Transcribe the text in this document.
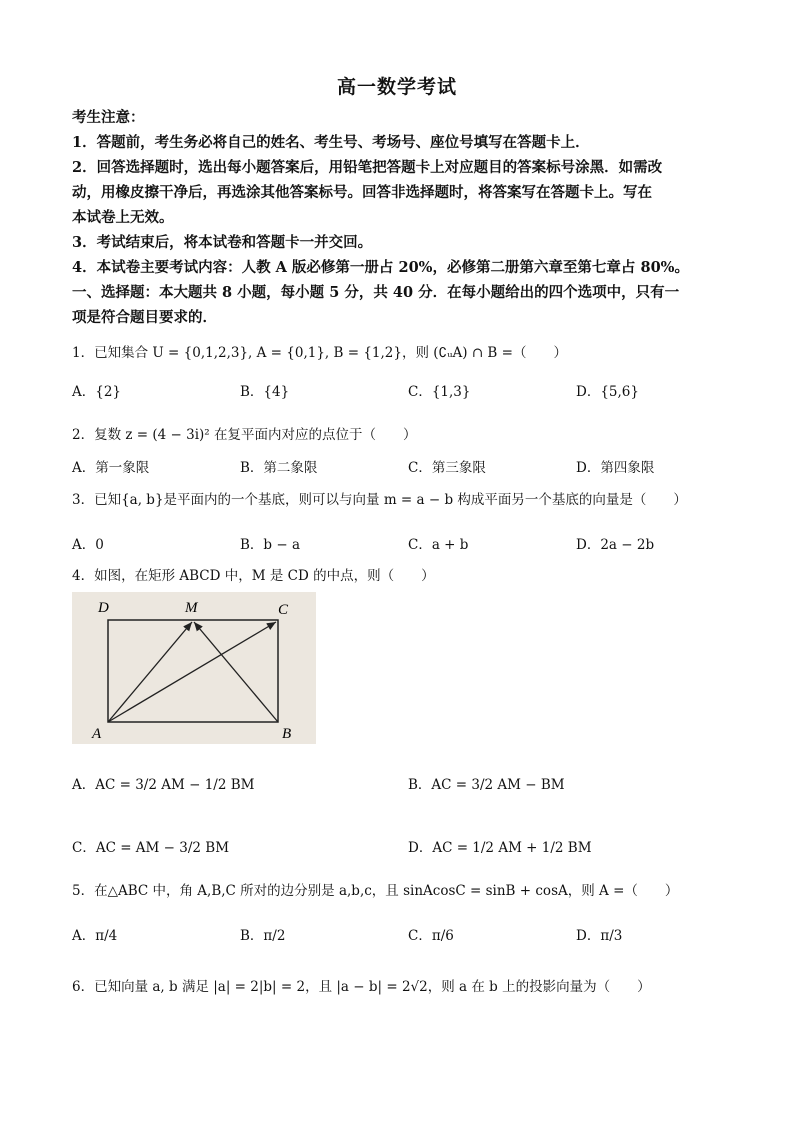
高一数学考试
考生注意：
1．答题前，考生务必将自己的姓名、考生号、考场号、座位号填写在答题卡上．
2．回答选择题时，选出每小题答案后，用铅笔把答题卡上对应题目的答案标号涂黑．如需改
动，用橡皮擦干净后，再选涂其他答案标号。回答非选择题时，将答案写在答题卡上。写在
本试卷上无效。
3．考试结束后，将本试卷和答题卡一并交回。
4．本试卷主要考试内容：人教 A 版必修第一册占 20%，必修第二册第六章至第七章占 80%。
一、选择题：本大题共 8 小题，每小题 5 分，共 40 分．在每小题给出的四个选项中，只有一
项是符合题目要求的．
1．已知集合 U = {0,1,2,3}, A = {0,1}, B = {1,2}，则 (∁ᵤA) ∩ B =（　　）
A．{2}	B．{4}	C．{1,3}	D．{5,6}
2．复数 z = (4 − 3i)² 在复平面内对应的点位于（　　）
A．第一象限	B．第二象限	C．第三象限	D．第四象限
3．已知{a, b}是平面内的一个基底，则可以与向量 m = a − b 构成平面另一个基底的向量是（　　）
A．0	B．b − a	C．a + b	D．2a − 2b
4．如图，在矩形 ABCD 中，M 是 CD 的中点，则（　　）
D	M	C
A	B
A．AC = 3/2 AM − 1/2 BM	B．AC = 3/2 AM − BM
C．AC = AM − 3/2 BM	D．AC = 1/2 AM + 1/2 BM
5．在△ABC 中，角 A,B,C 所对的边分别是 a,b,c，且 sinAcosC = sinB + cosA，则 A =（　　）
A．π/4	B．π/2	C．π/6	D．π/3
6．已知向量 a, b 满足 |a| = 2|b| = 2，且 |a − b| = 2√2，则 a 在 b 上的投影向量为（　　）
